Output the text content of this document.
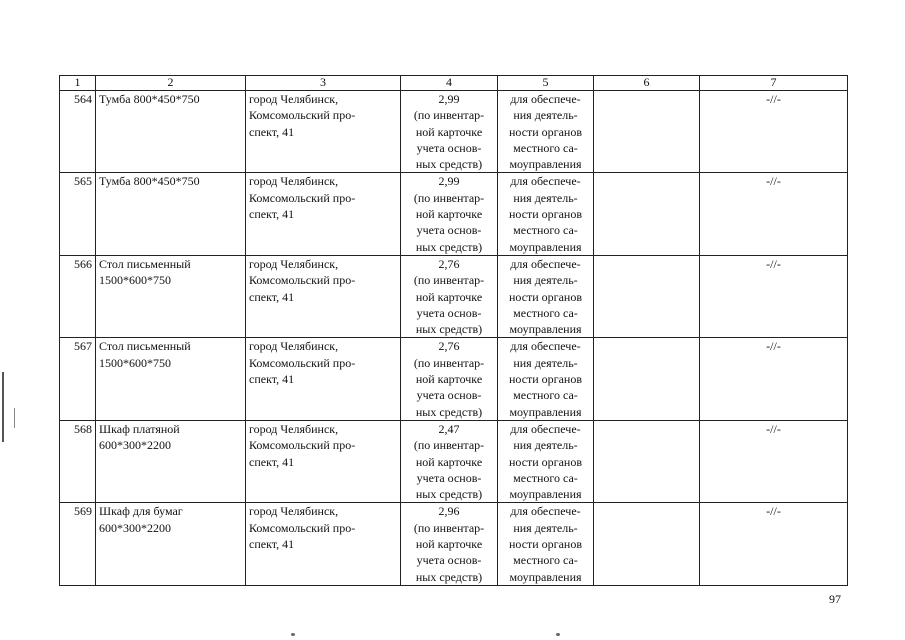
1	2	3	4	5	6	7
564	Тумба 800*450*750	город Челябинск,
Комсомольский про-
спект, 41	2,99
(по инвентар-
ной карточке
учета основ-
ных средств)	для обеспече-
ния деятель-
ности органов
местного са-
моуправления		-//-
565	Тумба 800*450*750	город Челябинск,
Комсомольский про-
спект, 41	2,99
(по инвентар-
ной карточке
учета основ-
ных средств)	для обеспече-
ния деятель-
ности органов
местного са-
моуправления		-//-
566	Стол письменный
1500*600*750	город Челябинск,
Комсомольский про-
спект, 41	2,76
(по инвентар-
ной карточке
учета основ-
ных средств)	для обеспече-
ния деятель-
ности органов
местного са-
моуправления		-//-
567	Стол письменный
1500*600*750	город Челябинск,
Комсомольский про-
спект, 41	2,76
(по инвентар-
ной карточке
учета основ-
ных средств)	для обеспече-
ния деятель-
ности органов
местного са-
моуправления		-//-
568	Шкаф платяной
600*300*2200	город Челябинск,
Комсомольский про-
спект, 41	2,47
(по инвентар-
ной карточке
учета основ-
ных средств)	для обеспече-
ния деятель-
ности органов
местного са-
моуправления		-//-
569	Шкаф для бумаг
600*300*2200	город Челябинск,
Комсомольский про-
спект, 41	2,96
(по инвентар-
ной карточке
учета основ-
ных средств)	для обеспече-
ния деятель-
ности органов
местного са-
моуправления		-//-
97
